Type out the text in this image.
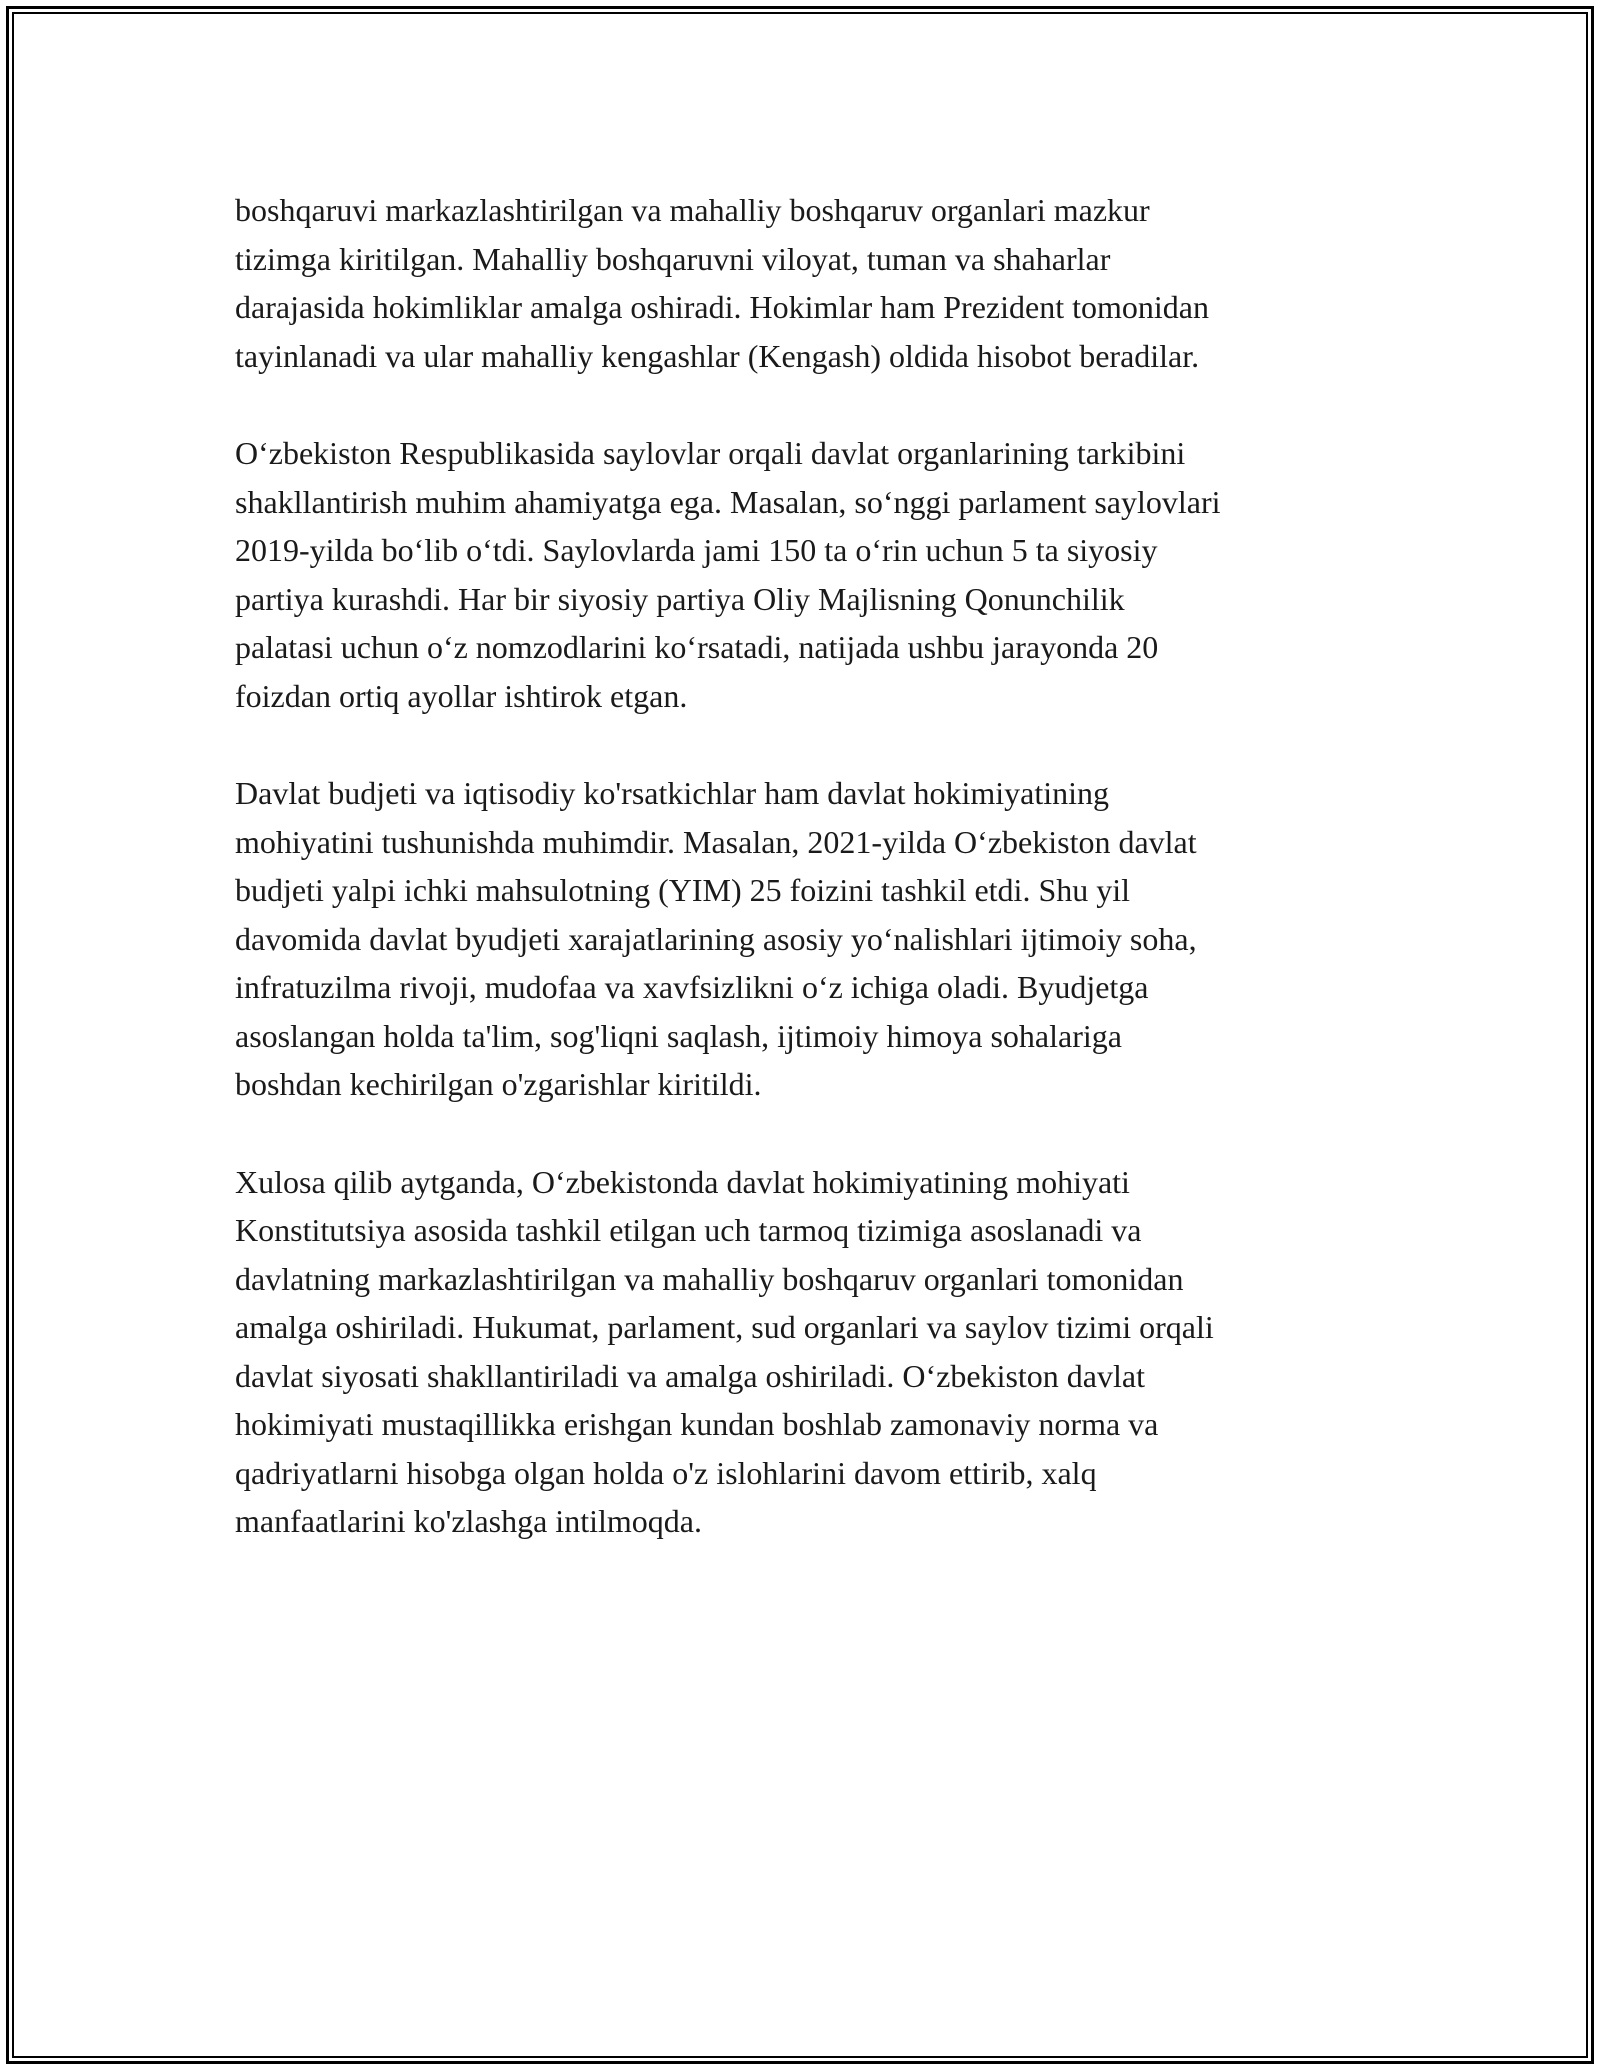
boshqaruvi markazlashtirilgan va mahalliy boshqaruv organlari mazkur
tizimga kiritilgan. Mahalliy boshqaruvni viloyat, tuman va shaharlar
darajasida hokimliklar amalga oshiradi. Hokimlar ham Prezident tomonidan
tayinlanadi va ular mahalliy kengashlar (Kengash) oldida hisobot beradilar.

O‘zbekiston Respublikasida saylovlar orqali davlat organlarining tarkibini
shakllantirish muhim ahamiyatga ega. Masalan, so‘nggi parlament saylovlari
2019-yilda bo‘lib o‘tdi. Saylovlarda jami 150 ta o‘rin uchun 5 ta siyosiy
partiya kurashdi. Har bir siyosiy partiya Oliy Majlisning Qonunchilik
palatasi uchun o‘z nomzodlarini ko‘rsatadi, natijada ushbu jarayonda 20
foizdan ortiq ayollar ishtirok etgan.

Davlat budjeti va iqtisodiy ko'rsatkichlar ham davlat hokimiyatining
mohiyatini tushunishda muhimdir. Masalan, 2021-yilda O‘zbekiston davlat
budjeti yalpi ichki mahsulotning (YIM) 25 foizini tashkil etdi. Shu yil
davomida davlat byudjeti xarajatlarining asosiy yo‘nalishlari ijtimoiy soha,
infratuzilma rivoji, mudofaa va xavfsizlikni o‘z ichiga oladi. Byudjetga
asoslangan holda ta'lim, sog'liqni saqlash, ijtimoiy himoya sohalariga
boshdan kechirilgan o'zgarishlar kiritildi.

Xulosa qilib aytganda, O‘zbekistonda davlat hokimiyatining mohiyati
Konstitutsiya asosida tashkil etilgan uch tarmoq tizimiga asoslanadi va
davlatning markazlashtirilgan va mahalliy boshqaruv organlari tomonidan
amalga oshiriladi. Hukumat, parlament, sud organlari va saylov tizimi orqali
davlat siyosati shakllantiriladi va amalga oshiriladi. O‘zbekiston davlat
hokimiyati mustaqillikka erishgan kundan boshlab zamonaviy norma va
qadriyatlarni hisobga olgan holda o'z islohlarini davom ettirib, xalq
manfaatlarini ko'zlashga intilmoqda.
